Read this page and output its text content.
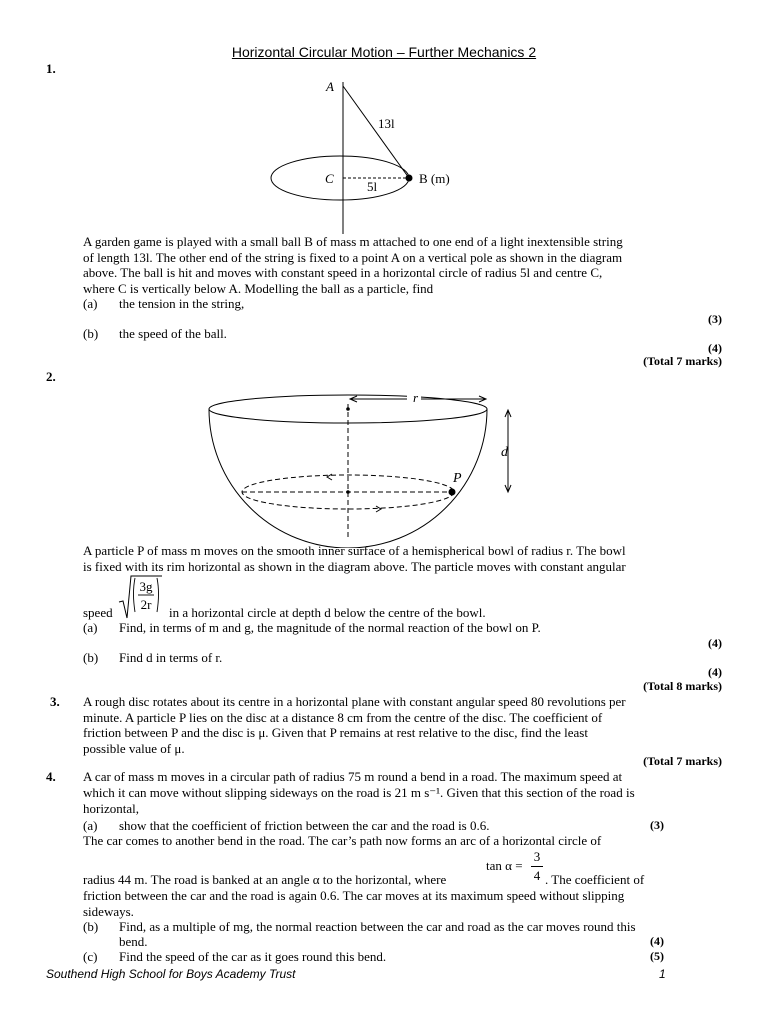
Horizontal Circular Motion – Further Mechanics 2
1.
A
13l
C
5l
B (m)
A garden game is played with a small ball B of mass m attached to one end of a light inextensible string
of length 13l. The other end of the string is fixed to a point A on a vertical pole as shown in the diagram
above. The ball is hit and moves with constant speed in a horizontal circle of radius 5l and centre C,
where C is vertically below A. Modelling the ball as a particle, find
(a) the tension in the string,
(3)
(b) the speed of the ball.
(4)
(Total 7 marks)
2.
r
d
P
A particle P of mass m moves on the smooth inner surface of a hemispherical bowl of radius r. The bowl
is fixed with its rim horizontal as shown in the diagram above. The particle moves with constant angular
speed
3g
2r
in a horizontal circle at depth d below the centre of the bowl.
(a) Find, in terms of m and g, the magnitude of the normal reaction of the bowl on P.
(4)
(b) Find d in terms of r.
(4)
(Total 8 marks)
3. A rough disc rotates about its centre in a horizontal plane with constant angular speed 80 revolutions per
minute. A particle P lies on the disc at a distance 8 cm from the centre of the disc. The coefficient of
friction between P and the disc is μ. Given that P remains at rest relative to the disc, find the least
possible value of μ.
(Total 7 marks)
4. A car of mass m moves in a circular path of radius 75 m round a bend in a road. The maximum speed at
which it can move without slipping sideways on the road is 21 m s⁻¹. Given that this section of the road is
horizontal,
(a) show that the coefficient of friction between the car and the road is 0.6.	(3)
The car comes to another bend in the road. The car’s path now forms an arc of a horizontal circle of
tan α =
3
4
radius 44 m. The road is banked at an angle α to the horizontal, where	. The coefficient of
friction between the car and the road is again 0.6. The car moves at its maximum speed without slipping
sideways.
(b) Find, as a multiple of mg, the normal reaction between the car and road as the car moves round this
bend.	(4)
(c) Find the speed of the car as it goes round this bend.	(5)
Southend High School for Boys Academy Trust	1
